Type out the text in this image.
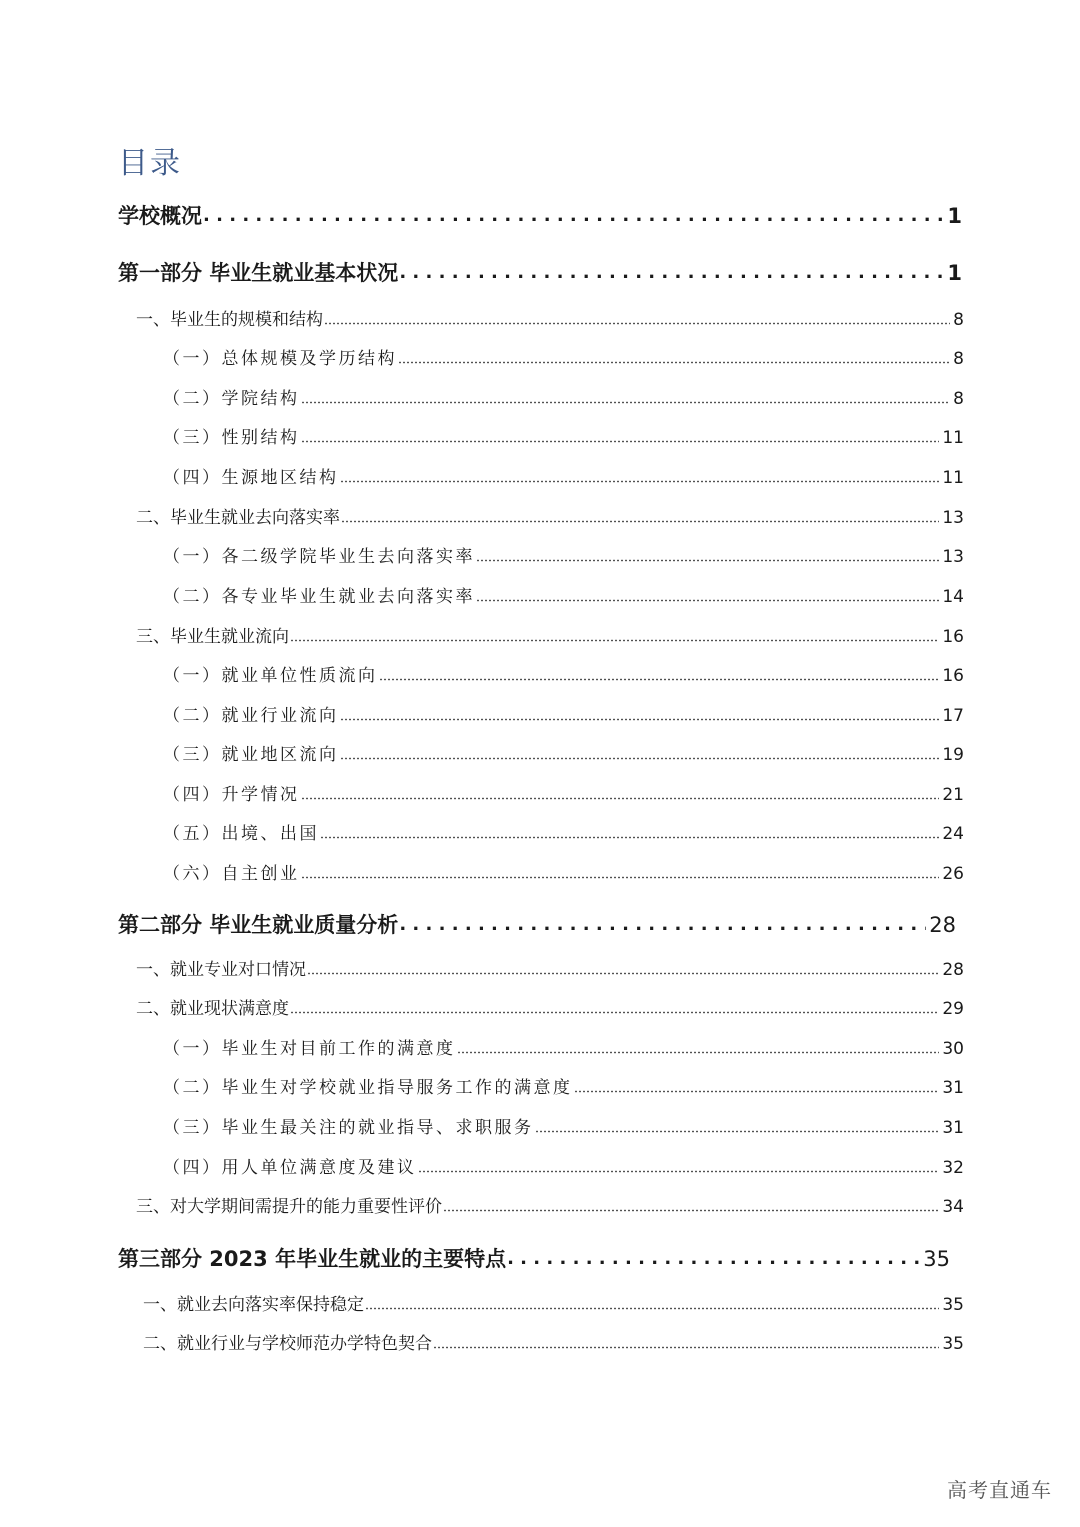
目录
学校概况 . . .	1
第一部分 毕业生就业基本状况 . . .	1
一、毕业生的规模和结构	8
（一）总体规模及学历结构	8
（二）学院结构	8
（三）性别结构	11
（四）生源地区结构	11
二、毕业生就业去向落实率	13
（一）各二级学院毕业生去向落实率	13
（二）各专业毕业生就业去向落实率	14
三、毕业生就业流向	16
（一）就业单位性质流向	16
（二）就业行业流向	17
（三）就业地区流向	19
（四）升学情况	21
（五）出境、出国	24
（六）自主创业	26
第二部分 毕业生就业质量分析 . . .	28
一、就业专业对口情况	28
二、就业现状满意度	29
（一）毕业生对目前工作的满意度	30
（二）毕业生对学校就业指导服务工作的满意度	31
（三）毕业生最关注的就业指导、求职服务	31
（四）用人单位满意度及建议	32
三、对大学期间需提升的能力重要性评价	34
第三部分 2023 年毕业生就业的主要特点 . . .	35
一、就业去向落实率保持稳定	35
二、就业行业与学校师范办学特色契合	35
高考直通车
